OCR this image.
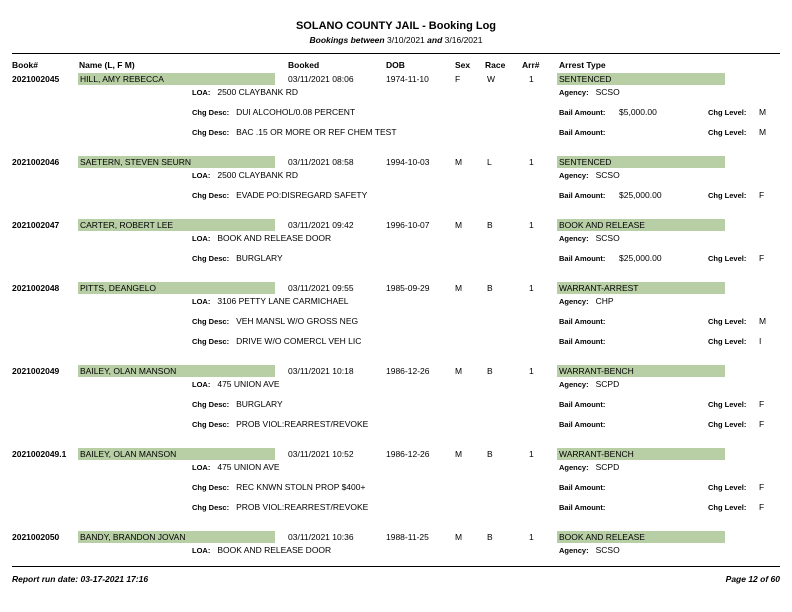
SOLANO COUNTY JAIL - Booking Log
Bookings between 3/10/2021 and 3/16/2021
Book#	Name (L, F M)	Booked	DOB	Sex Race Arr# Arrest Type
2021002045 HILL, AMY REBECCA	03/11/2021 08:06	1974-11-10	F	W	1	SENTENCED
LOA: 2500 CLAYBANK RD	Agency: SCSO
Chg Desc: DUI ALCOHOL/0.08 PERCENT	Bail Amount: $5,000.00	Chg Level: M
Chg Desc: BAC .15 OR MORE OR REF CHEM TEST	Bail Amount:	Chg Level: M
2021002046 SAETERN, STEVEN SEURN	03/11/2021 08:58	1994-10-03	M	L	1	SENTENCED
LOA: 2500 CLAYBANK RD	Agency: SCSO
Chg Desc: EVADE PO:DISREGARD SAFETY	Bail Amount: $25,000.00	Chg Level: F
2021002047 CARTER, ROBERT LEE	03/11/2021 09:42	1996-10-07	M	B	1	BOOK AND RELEASE
LOA: BOOK AND RELEASE DOOR	Agency: SCSO
Chg Desc: BURGLARY	Bail Amount: $25,000.00	Chg Level: F
2021002048 PITTS, DEANGELO	03/11/2021 09:55	1985-09-29	M	B	1	WARRANT-ARREST
LOA: 3106 PETTY LANE CARMICHAEL	Agency: CHP
Chg Desc: VEH MANSL W/O GROSS NEG	Bail Amount:	Chg Level: M
Chg Desc: DRIVE W/O COMERCL VEH LIC	Bail Amount:	Chg Level: I
2021002049 BAILEY, OLAN MANSON	03/11/2021 10:18	1986-12-26	M	B	1	WARRANT-BENCH
LOA: 475 UNION AVE	Agency: SCPD
Chg Desc: BURGLARY	Bail Amount:	Chg Level: F
Chg Desc: PROB VIOL:REARREST/REVOKE	Bail Amount:	Chg Level: F
2021002049.1 BAILEY, OLAN MANSON	03/11/2021 10:52	1986-12-26	M	B	1	WARRANT-BENCH
LOA: 475 UNION AVE	Agency: SCPD
Chg Desc: REC KNWN STOLN PROP $400+	Bail Amount:	Chg Level: F
Chg Desc: PROB VIOL:REARREST/REVOKE	Bail Amount:	Chg Level: F
2021002050 BANDY, BRANDON JOVAN	03/11/2021 10:36	1988-11-25	M	B	1	BOOK AND RELEASE
LOA: BOOK AND RELEASE DOOR	Agency: SCSO
Report run date: 03-17-2021 17:16	Page 12 of 60
